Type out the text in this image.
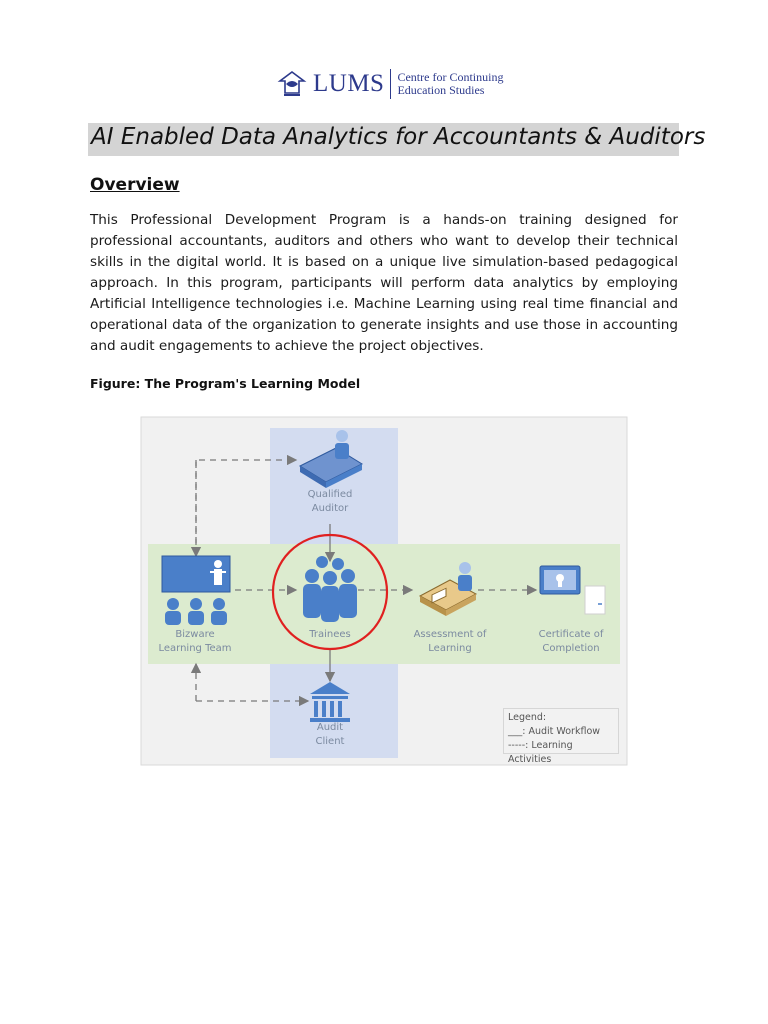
LUMS Centre for Continuing
Education Studies
AI Enabled Data Analytics for Accountants & Auditors
Overview
This Professional Development Program is a hands-on training designed for professional accountants, auditors and others who want to develop their technical skills in the digital world. It is based on a unique live simulation-based pedagogical approach. In this program, participants will perform data analytics by employing Artificial Intelligence technologies i.e. Machine Learning using real time financial and operational data of the organization to generate insights and use those in accounting and audit engagements to achieve the project objectives.
Figure: The Program's Learning Model
Qualified
Auditor
Bizware
Learning Team
Trainees	Assessment of
Learning
Certificate of
Completion
Audit
Client
Legend:
___: Audit Workflow
-----: Learning Activities
